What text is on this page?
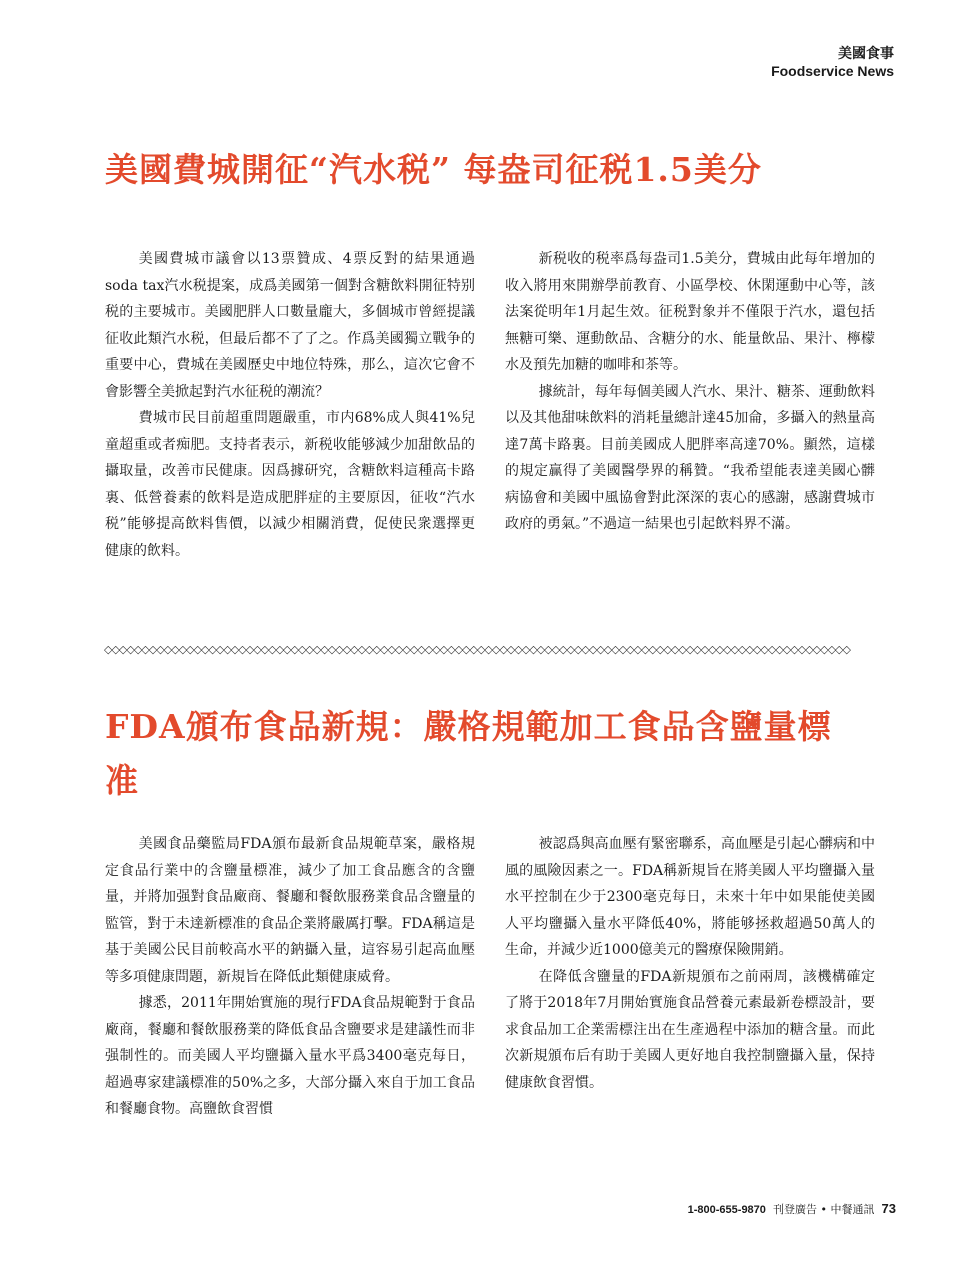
美國食事
Foodservice News
美國費城開征“汽水税” 每盎司征税1.5美分

美國費城市議會以13票贊成、4票反對的結果通過soda tax汽水税提案，成爲美國第一個對含糖飲料開征特别税的主要城市。美國肥胖人口數量龐大，多個城市曾經提議征收此類汽水税，但最后都不了了之。作爲美國獨立戰争的重要中心，費城在美國歷史中地位特殊，那么，這次它會不會影響全美掀起對汽水征税的潮流？

費城市民目前超重問題嚴重，市内68%成人與41%兒童超重或者痴肥。支持者表示，新税收能够減少加甜飲品的攝取量，改善市民健康。因爲據研究，含糖飲料這種高卡路裏、低營養素的飲料是造成肥胖症的主要原因，征收“汽水税”能够提高飲料售價，以減少相關消費，促使民衆選擇更健康的飲料。

新税收的税率爲每盎司1.5美分，費城由此每年增加的收入將用來開辦學前教育、小區學校、休閑運動中心等，該法案從明年1月起生效。征税對象并不僅限于汽水，還包括無糖可樂、運動飲品、含糖分的水、能量飲品、果汁、檸檬水及預先加糖的咖啡和茶等。

據統計，每年每個美國人汽水、果汁、糖茶、運動飲料以及其他甜味飲料的消耗量總計達45加侖，多攝入的熱量高達7萬卡路裏。目前美國成人肥胖率高達70%。顯然，這樣的規定赢得了美國醫學界的稱贊。“我希望能表達美國心髒病協會和美國中風協會對此深深的衷心的感謝，感謝費城市政府的勇氣。”不過這一結果也引起飲料界不滿。

◇◇◇◇◇◇◇◇◇◇◇◇◇◇◇◇◇◇◇◇◇◇◇◇◇◇◇◇◇◇◇◇◇◇◇◇◇◇◇◇◇◇◇◇◇◇◇◇◇◇◇◇◇◇◇◇◇◇◇◇◇◇◇◇◇◇◇◇◇◇◇◇◇◇◇◇◇◇◇◇◇◇◇◇◇◇◇◇◇◇◇◇◇◇◇◇◇◇◇◇
FDA頒布食品新規：嚴格規範加工食品含鹽量標准

美國食品藥監局FDA頒布最新食品規範草案，嚴格規定食品行業中的含鹽量標准，減少了加工食品應含的含鹽量，并將加强對食品廠商、餐廳和餐飲服務業食品含鹽量的監管，對于未達新標准的食品企業將嚴厲打擊。FDA稱這是基于美國公民目前較高水平的鈉攝入量，這容易引起高血壓等多項健康問題，新規旨在降低此類健康威脅。

據悉，2011年開始實施的現行FDA食品規範對于食品廠商，餐廳和餐飲服務業的降低食品含鹽要求是建議性而非强制性的。而美國人平均鹽攝入量水平爲3400毫克每日，超過專家建議標准的50%之多，大部分攝入來自于加工食品和餐廳食物。高鹽飲食習慣

被認爲與高血壓有緊密聯系，高血壓是引起心髒病和中風的風險因素之一。FDA稱新規旨在將美國人平均鹽攝入量水平控制在少于2300毫克每日，未來十年中如果能使美國人平均鹽攝入量水平降低40%，將能够拯救超過50萬人的生命，并減少近1000億美元的醫療保險開銷。

在降低含鹽量的FDA新規頒布之前兩周，該機構確定了將于2018年7月開始實施食品營養元素最新卷標設計，要求食品加工企業需標注出在生產過程中添加的糖含量。而此次新規頒布后有助于美國人更好地自我控制鹽攝入量，保持健康飲食習慣。

1-800-655-9870 刊登廣告 • 中餐通訊 73
